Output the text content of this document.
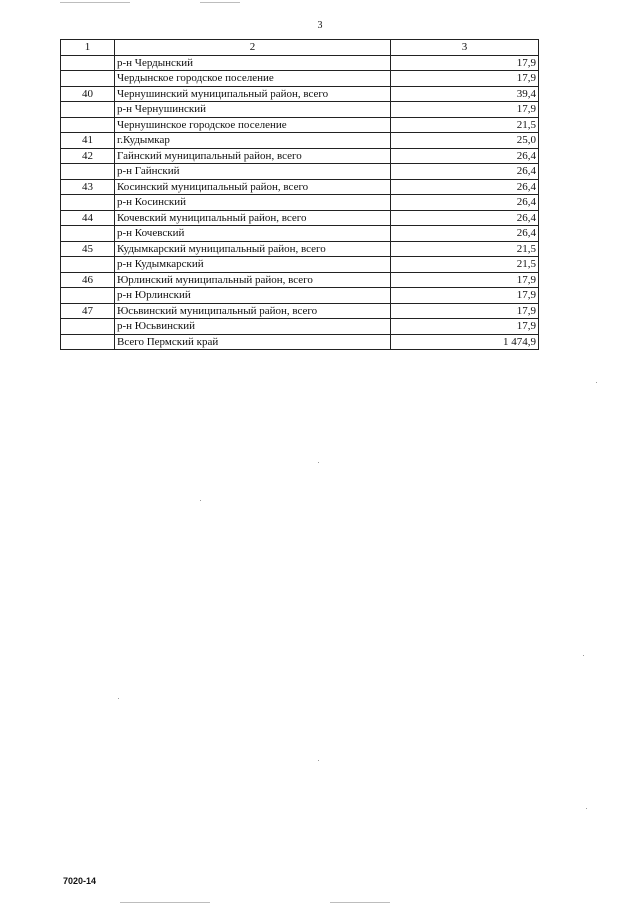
3
1	2	3
	р-н Чердынский	17,9
	Чердынское городское поселение	17,9
40	Чернушинский муниципальный район, всего	39,4
	р-н Чернушинский	17,9
	Чернушинское городское поселение	21,5
41	г.Кудымкар	25,0
42	Гайнский муниципальный район, всего	26,4
	р-н Гайнский	26,4
43	Косинский муниципальный район, всего	26,4
	р-н Косинский	26,4
44	Кочевский муниципальный район, всего	26,4
	р-н Кочевский	26,4
45	Кудымкарский муниципальный район, всего	21,5
	р-н Кудымкарский	21,5
46	Юрлинский муниципальный район, всего	17,9
	р-н Юрлинский	17,9
47	Юсьвинский муниципальный район, всего	17,9
	р-н Юсьвинский	17,9
	Всего Пермский край	1 474,9
7020-14
